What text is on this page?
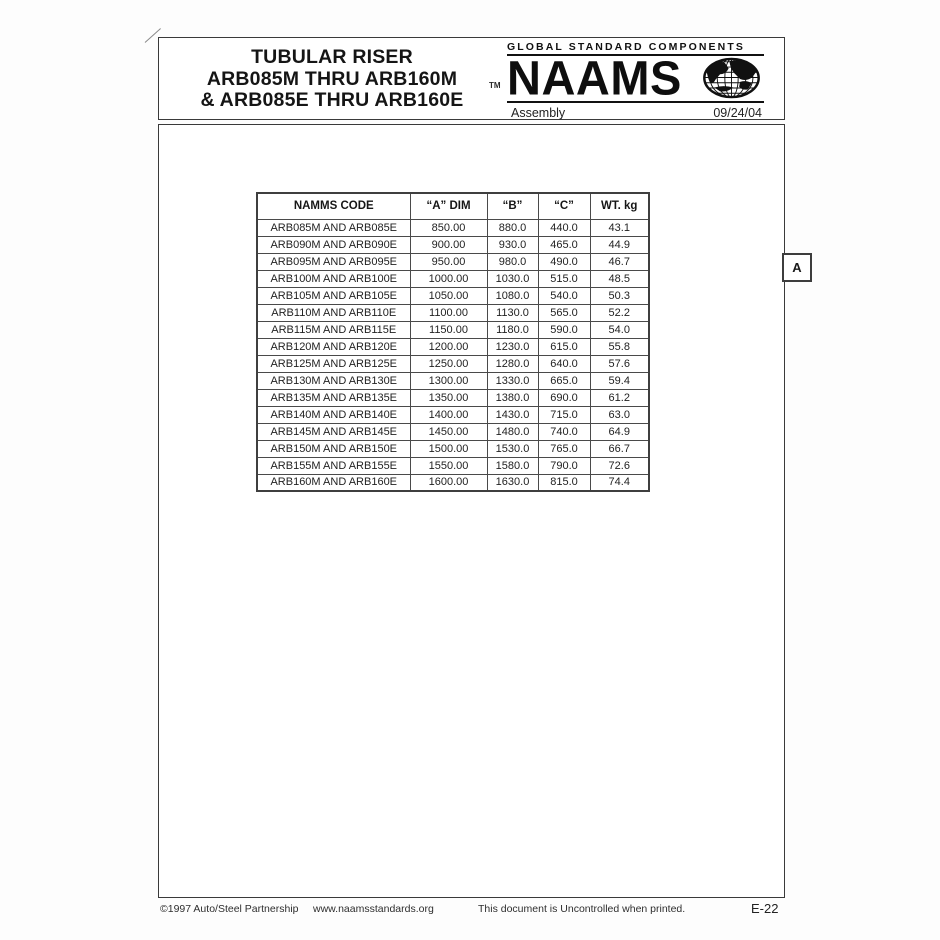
TUBULAR RISER
ARB085M THRU ARB160M
& ARB085E THRU ARB160E
TM
GLOBAL STANDARD COMPONENTS
NAAMS
Assembly	09/24/04
NAMMS CODE	“A” DIM	“B”	“C”	WT. kg
ARB085M AND ARB085E	850.00	880.0	440.0	43.1
ARB090M AND ARB090E	900.00	930.0	465.0	44.9
ARB095M AND ARB095E	950.00	980.0	490.0	46.7
ARB100M AND ARB100E	1000.00	1030.0	515.0	48.5
ARB105M AND ARB105E	1050.00	1080.0	540.0	50.3
ARB110M AND ARB110E	1100.00	1130.0	565.0	52.2
ARB115M AND ARB115E	1150.00	1180.0	590.0	54.0
ARB120M AND ARB120E	1200.00	1230.0	615.0	55.8
ARB125M AND ARB125E	1250.00	1280.0	640.0	57.6
ARB130M AND ARB130E	1300.00	1330.0	665.0	59.4
ARB135M AND ARB135E	1350.00	1380.0	690.0	61.2
ARB140M AND ARB140E	1400.00	1430.0	715.0	63.0
ARB145M AND ARB145E	1450.00	1480.0	740.0	64.9
ARB150M AND ARB150E	1500.00	1530.0	765.0	66.7
ARB155M AND ARB155E	1550.00	1580.0	790.0	72.6
ARB160M AND ARB160E	1600.00	1630.0	815.0	74.4
A
©1997 Auto/Steel Partnership www.naamsstandards.org	This document is Uncontrolled when printed.	E-22
